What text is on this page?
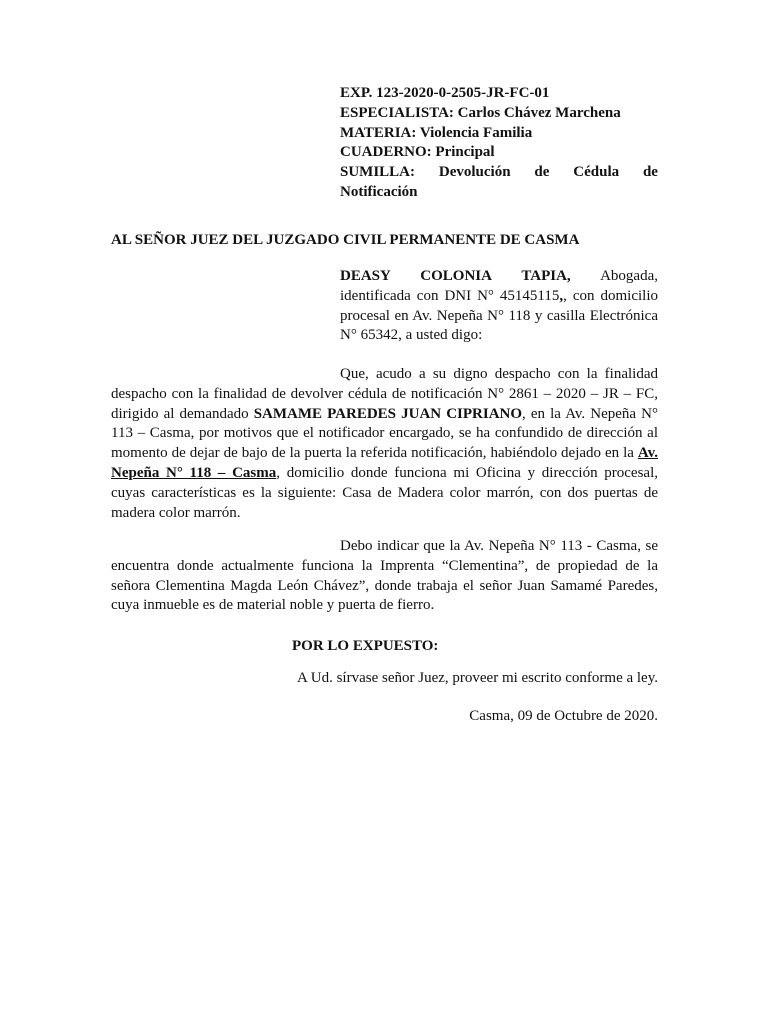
EXP. 123-2020-0-2505-JR-FC-01
ESPECIALISTA: Carlos Chávez Marchena
MATERIA: Violencia Familia
CUADERNO: Principal
SUMILLA: Devolución de Cédula de
Notificación
AL SEÑOR JUEZ DEL JUZGADO CIVIL PERMANENTE DE CASMA
DEASY COLONIA TAPIA, Abogada,
identificada con DNI N° 45145115,, con domicilio procesal en Av. Nepeña N° 118 y casilla Electrónica N° 65342, a usted digo:
Que, acudo a su digno despacho con la finalidad despacho con la finalidad de devolver cédula de notificación N° 2861 – 2020 – JR – FC, dirigido al demandado SAMAME PAREDES JUAN CIPRIANO, en la Av. Nepeña N° 113 – Casma, por motivos que el notificador encargado, se ha confundido de dirección al momento de dejar de bajo de la puerta la referida notificación, habiéndolo dejado en la Av. Nepeña N° 118 – Casma, domicilio donde funciona mi Oficina y dirección procesal, cuyas características es la siguiente: Casa de Madera color marrón, con dos puertas de madera color marrón.
Debo indicar que la Av. Nepeña N° 113 - Casma, se encuentra donde actualmente funciona la Imprenta “Clementina”, de propiedad de la señora Clementina Magda León Chávez”, donde trabaja el señor Juan Samamé Paredes, cuya inmueble es de material noble y puerta de fierro.
POR LO EXPUESTO:
A Ud. sírvase señor Juez, proveer mi escrito conforme a ley.
Casma, 09 de Octubre de 2020.
